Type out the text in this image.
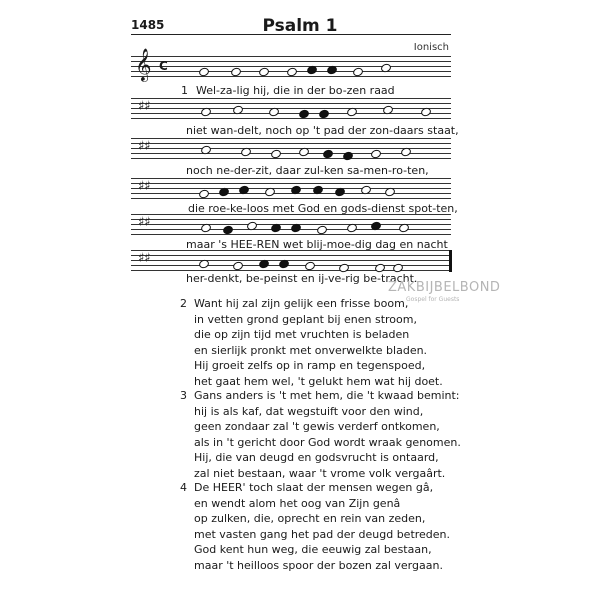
1485	Psalm 1
Ionisch
𝄞 C
1 Wel-za-lig hij, die in der bo-zen raad
♯♯
niet wan-delt, noch op 't pad der zon-daars staat,
♯♯
noch ne-der-zit, daar zul-ken sa-men-ro-ten,
♯♯
die roe-ke-loos met God en gods-dienst spot-ten,
♯♯
maar 's HEE-REN wet blij-moe-dig dag en nacht
♯♯
her-denkt, be-peinst en ij-ve-rig be-tracht.
ZAKBIJBELBOND
Gospel for Guests
2 Want hij zal zijn gelijk een frisse boom,
in vetten grond geplant bij enen stroom,
die op zijn tijd met vruchten is beladen
en sierlijk pronkt met onverwelkte bladen.
Hij groeit zelfs op in ramp en tegenspoed,
het gaat hem wel, 't gelukt hem wat hij doet.
3 Gans anders is 't met hem, die 't kwaad bemint:
hij is als kaf, dat wegstuift voor den wind,
geen zondaar zal 't gewis verderf ontkomen,
als in 't gericht door God wordt wraak genomen.
Hij, die van deugd en godsvrucht is ontaard,
zal niet bestaan, waar 't vrome volk vergaârt.
4 De HEER' toch slaat der mensen wegen gâ,
en wendt alom het oog van Zijn genâ
op zulken, die, oprecht en rein van zeden,
met vasten gang het pad der deugd betreden.
God kent hun weg, die eeuwig zal bestaan,
maar 't heilloos spoor der bozen zal vergaan.
